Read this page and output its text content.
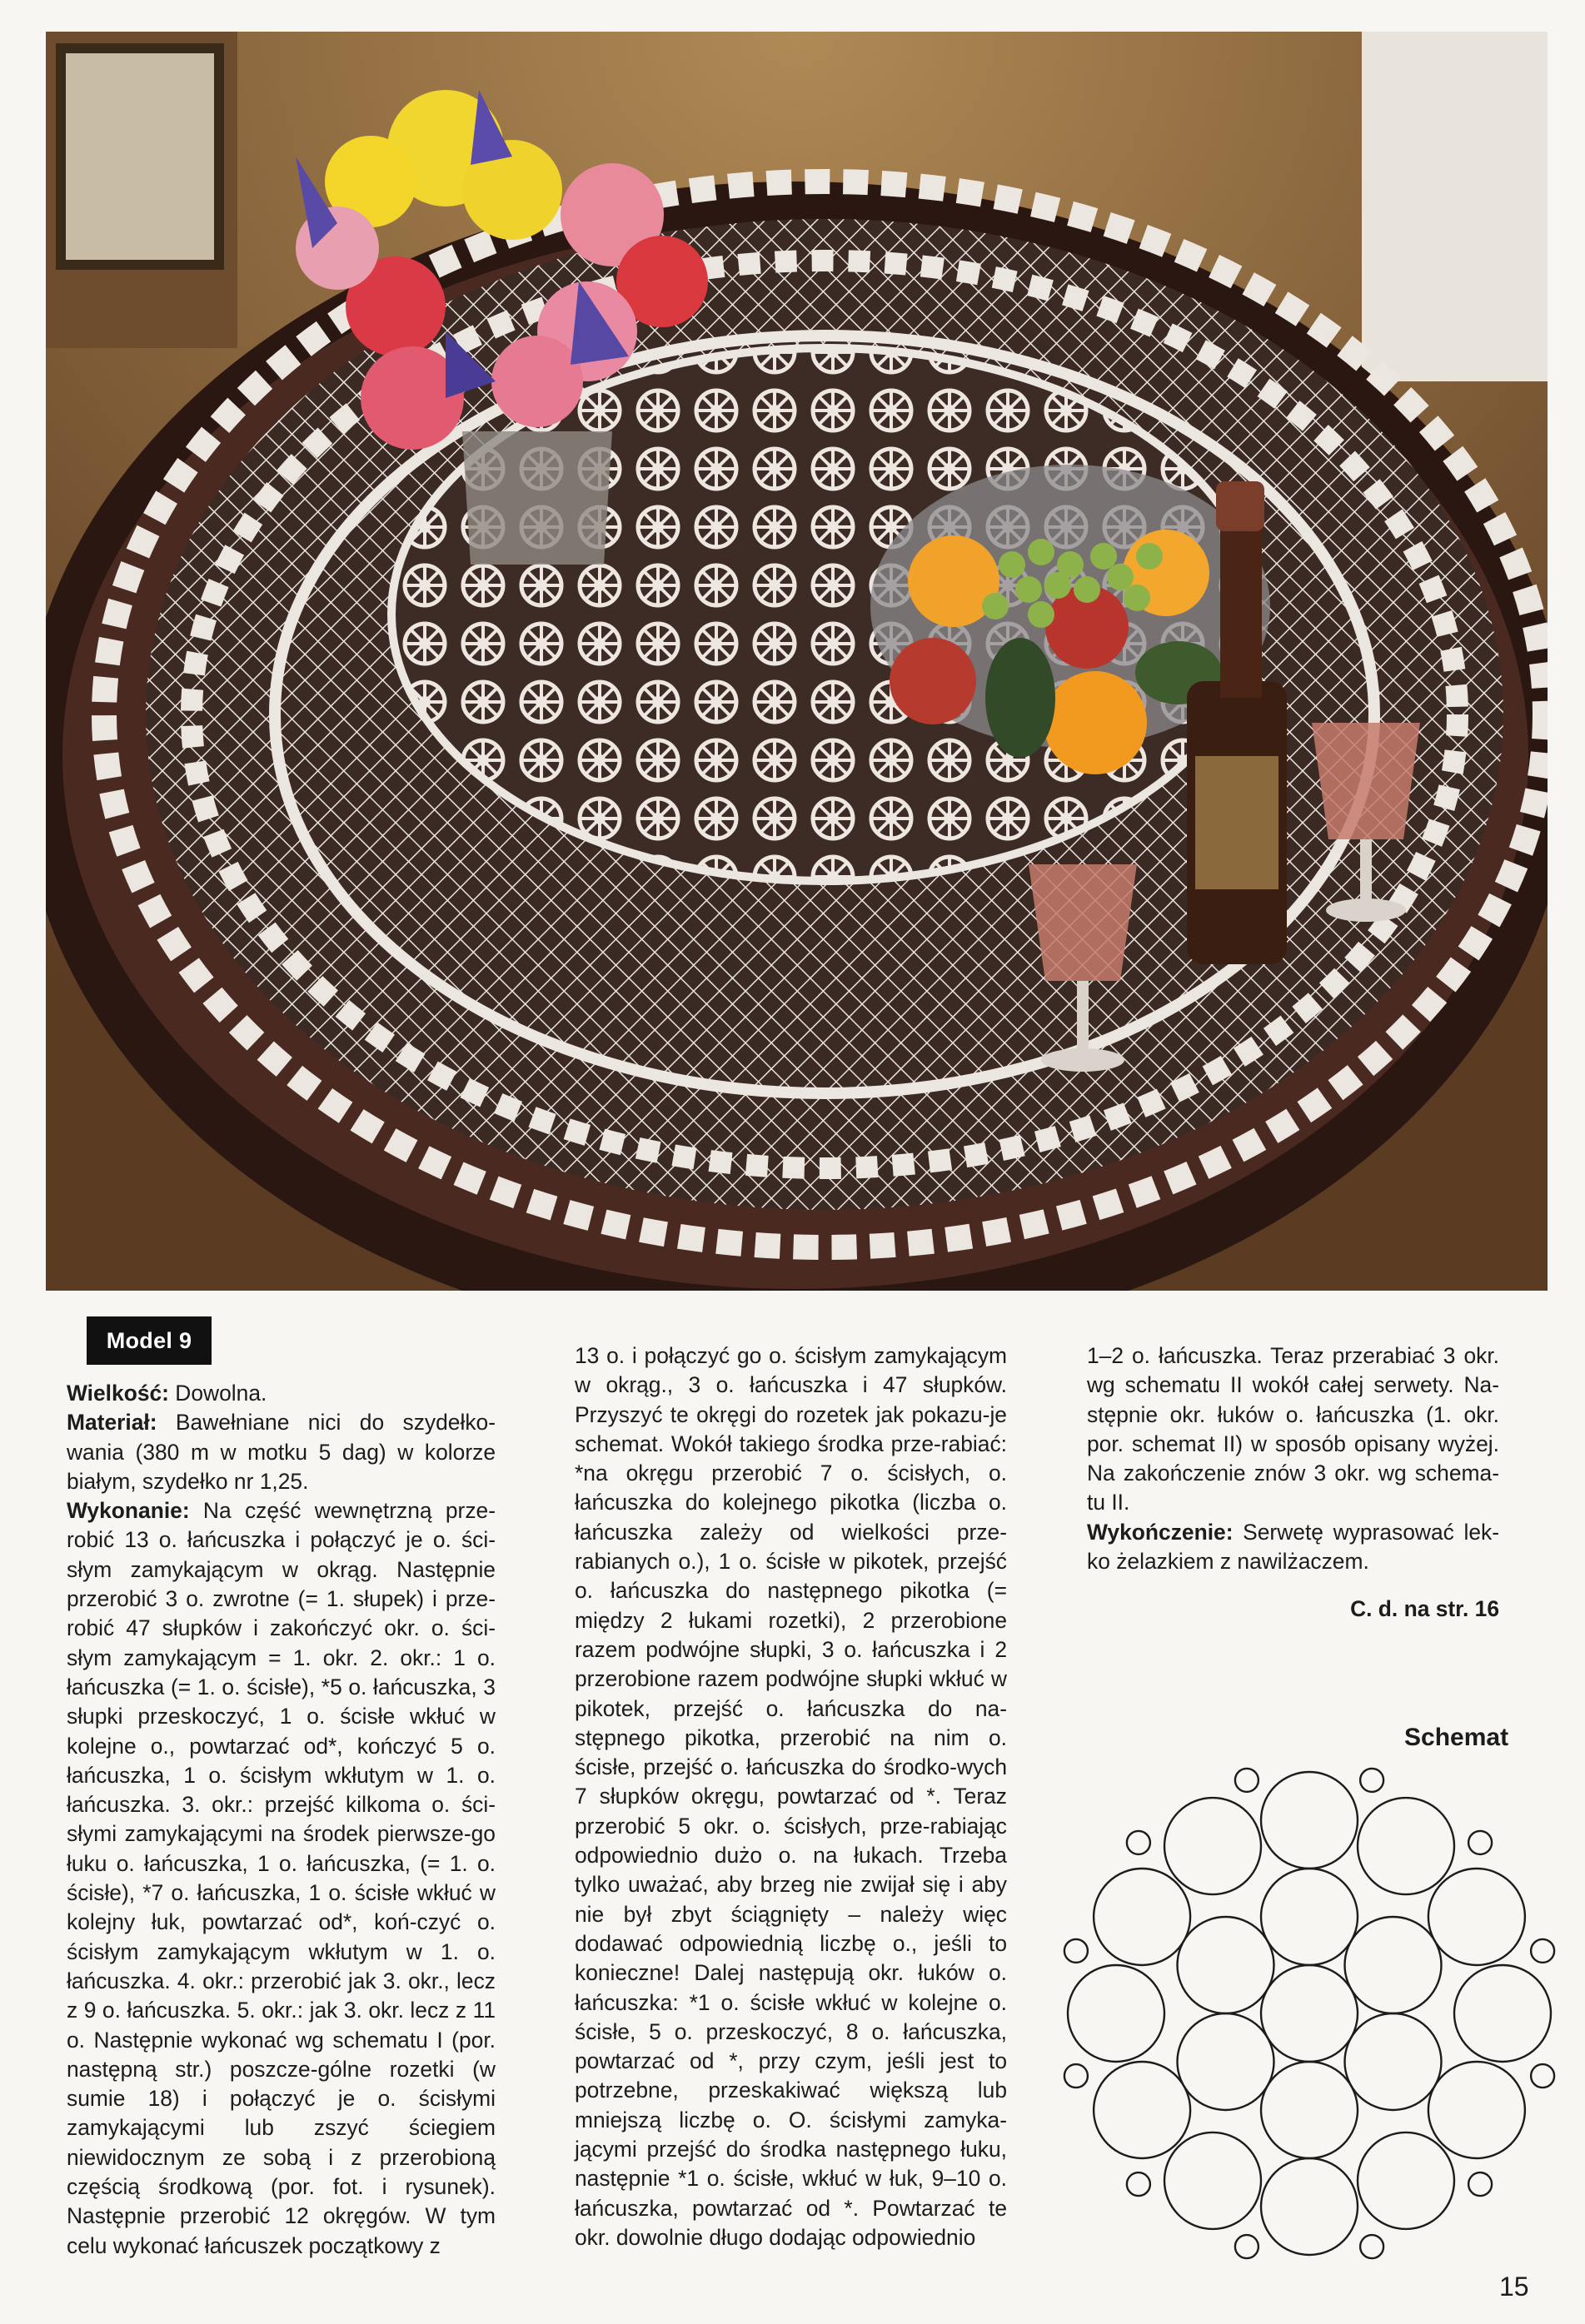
Model 9

Wielkość: Dowolna.
Materiał: Bawełniane nici do szydełko-wania (380 m w motku 5 dag) w kolorze białym, szydełko nr 1,25.
Wykonanie: Na część wewnętrzną prze-robić 13 o. łańcuszka i połączyć je o. ści-słym zamykającym w okrąg. Następnie przerobić 3 o. zwrotne (= 1. słupek) i prze-robić 47 słupków i zakończyć okr. o. ści-słym zamykającym = 1. okr. 2. okr.: 1 o. łańcuszka (= 1. o. ścisłe), *5 o. łańcuszka, 3 słupki przeskoczyć, 1 o. ścisłe wkłuć w kolejne o., powtarzać od*, kończyć 5 o. łańcuszka, 1 o. ścisłym wkłutym w 1. o. łańcuszka. 3. okr.: przejść kilkoma o. ści-słymi zamykającymi na środek pierwsze-go łuku o. łańcuszka, 1 o. łańcuszka, (= 1. o. ścisłe), *7 o. łańcuszka, 1 o. ścisłe wkłuć w kolejny łuk, powtarzać od*, koń-czyć o. ścisłym zamykającym wkłutym w 1. o. łańcuszka. 4. okr.: przerobić jak 3. okr., lecz z 9 o. łańcuszka. 5. okr.: jak 3. okr. lecz z 11 o. Następnie wykonać wg schematu I (por. następną str.) poszcze-gólne rozetki (w sumie 18) i połączyć je o. ścisłymi zamykającymi lub zszyć ściegiem niewidocznym ze sobą i z przerobioną częścią środkową (por. fot. i rysunek). Następnie przerobić 12 okręgów. W tym celu wykonać łańcuszek początkowy z

13 o. i połączyć go o. ścisłym zamykającym w okrąg., 3 o. łańcuszka i 47 słupków. Przyszyć te okręgi do rozetek jak pokazu-je schemat. Wokół takiego środka prze-rabiać: *na okręgu przerobić 7 o. ścisłych, o. łańcuszka do kolejnego pikotka (liczba o. łańcuszka zależy od wielkości prze-rabianych o.), 1 o. ścisłe w pikotek, przejść o. łańcuszka do następnego pikotka (= między 2 łukami rozetki), 2 przerobione razem podwójne słupki, 3 o. łańcuszka i 2 przerobione razem podwójne słupki wkłuć w pikotek, przejść o. łańcuszka do na-stępnego pikotka, przerobić na nim o. ścisłe, przejść o. łańcuszka do środko-wych 7 słupków okręgu, powtarzać od *. Teraz przerobić 5 okr. o. ścisłych, prze-rabiając odpowiednio dużo o. na łukach. Trzeba tylko uważać, aby brzeg nie zwijał się i aby nie był zbyt ściągnięty – należy więc dodawać odpowiednią liczbę o., jeśli to konieczne! Dalej następują okr. łuków o. łańcuszka: *1 o. ścisłe wkłuć w kolejne o. ścisłe, 5 o. przeskoczyć, 8 o. łańcuszka, powtarzać od *, przy czym, jeśli jest to potrzebne, przeskakiwać większą lub mniejszą liczbę o. O. ścisłymi zamyka-jącymi przejść do środka następnego łuku, następnie *1 o. ścisłe, wkłuć w łuk, 9–10 o. łańcuszka, powtarzać od *. Powtarzać te okr. dowolnie długo dodając odpowiednio

1–2 o. łańcuszka. Teraz przerabiać 3 okr. wg schematu II wokół całej serwety. Na-stępnie okr. łuków o. łańcuszka (1. okr. por. schemat II) w sposób opisany wyżej. Na zakończenie znów 3 okr. wg schema-tu II.
Wykończenie: Serwetę wyprasować lek-ko żelazkiem z nawilżaczem.

C. d. na str. 16

Schemat
15
